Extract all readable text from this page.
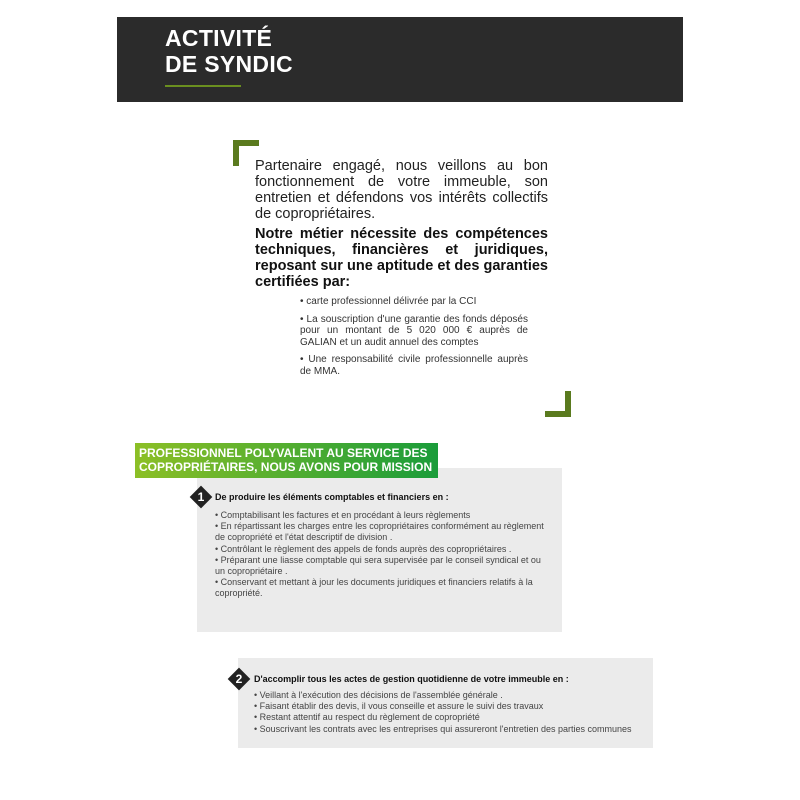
ACTIVITÉ
DE SYNDIC

Partenaire engagé, nous veillons au bon fonctionnement de votre immeuble, son entretien et défendons vos intérêts collectifs de copropriétaires.

Notre métier nécessite des compétences techniques, financières et juridiques, reposant sur une aptitude et des garanties certifiées par:

• carte professionnel délivrée par la CCI

• La souscription d'une garantie des fonds déposés pour un montant de 5 020 000 € auprès de GALIAN et un audit annuel des comptes

• Une responsabilité civile professionnelle auprès de MMA.

PROFESSIONNEL POLYVALENT AU SERVICE DES
COPROPRIÉTAIRES, NOUS AVONS POUR MISSION :
1	De produire les éléments comptables et financiers en :
• Comptabilisant les factures et en procédant à leurs règlements
• En répartissant les charges entre les copropriétaires conformément au règlement de copropriété et l'état descriptif de division .
• Contrôlant le règlement des appels de fonds auprès des copropriétaires .
• Préparant une liasse comptable qui sera supervisée par le conseil syndical et ou un copropriétaire .
• Conservant et mettant à jour les documents juridiques et financiers relatifs à la copropriété.
2	D'accomplir tous les actes de gestion quotidienne de votre immeuble en :
• Veillant à l'exécution des décisions de l'assemblée générale .
• Faisant établir des devis, il vous conseille et assure le suivi des travaux
• Restant attentif au respect du règlement de copropriété
• Souscrivant les contrats avec les entreprises qui assureront l'entretien des parties communes
